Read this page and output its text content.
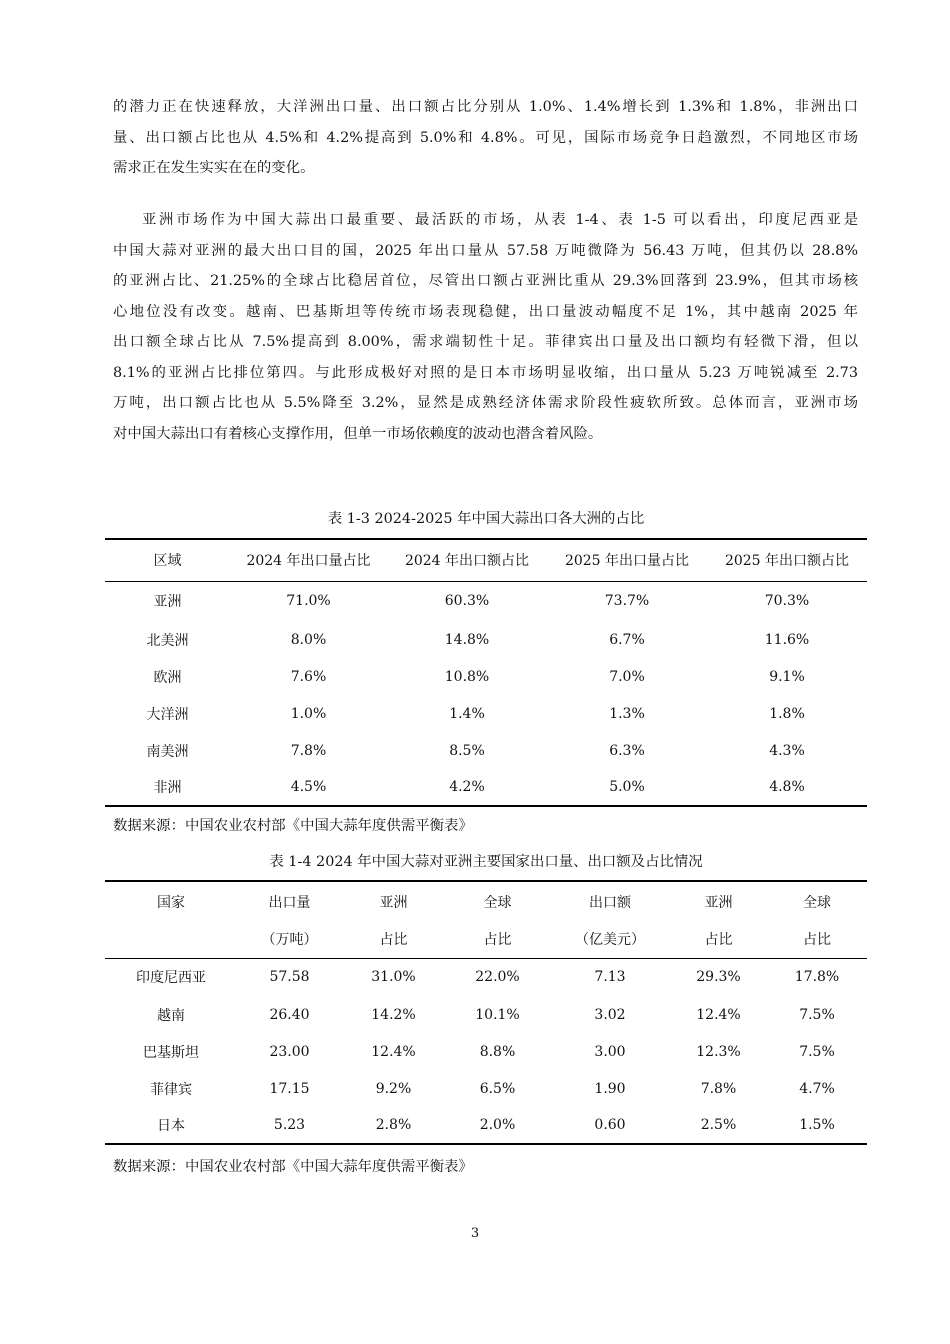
的潜力正在快速释放，大洋洲出口量、出口额占比分别从 1.0%、1.4%增长到 1.3%和 1.8%，非洲出口
量、出口额占比也从 4.5%和 4.2%提高到 5.0%和 4.8%。可见，国际市场竞争日趋激烈，不同地区市场
需求正在发生实实在在的变化。
亚洲市场作为中国大蒜出口最重要、最活跃的市场，从表 1-4、表 1-5 可以看出，印度尼西亚是
中国大蒜对亚洲的最大出口目的国，2025 年出口量从 57.58 万吨微降为 56.43 万吨，但其仍以 28.8%
的亚洲占比、21.25%的全球占比稳居首位，尽管出口额占亚洲比重从 29.3%回落到 23.9%，但其市场核
心地位没有改变。越南、巴基斯坦等传统市场表现稳健，出口量波动幅度不足 1%，其中越南 2025 年
出口额全球占比从 7.5%提高到 8.00%，需求端韧性十足。菲律宾出口量及出口额均有轻微下滑，但以
8.1%的亚洲占比排位第四。与此形成极好对照的是日本市场明显收缩，出口量从 5.23 万吨锐减至 2.73
万吨，出口额占比也从 5.5%降至 3.2%，显然是成熟经济体需求阶段性疲软所致。总体而言，亚洲市场
对中国大蒜出口有着核心支撑作用，但单一市场依赖度的波动也潜含着风险。
表 1-3 2024-2025 年中国大蒜出口各大洲的占比
区域	2024 年出口量占比	2024 年出口额占比	2025 年出口量占比	2025 年出口额占比
亚洲	71.0%	60.3%	73.7%	70.3%
北美洲	8.0%	14.8%	6.7%	11.6%
欧洲	7.6%	10.8%	7.0%	9.1%
大洋洲	1.0%	1.4%	1.3%	1.8%
南美洲	7.8%	8.5%	6.3%	4.3%
非洲	4.5%	4.2%	5.0%	4.8%
数据来源：中国农业农村部《中国大蒜年度供需平衡表》
表 1-4 2024 年中国大蒜对亚洲主要国家出口量、出口额及占比情况
国家	出口量	亚洲	全球	出口额	亚洲	全球
	（万吨）	占比	占比	（亿美元）	占比	占比
印度尼西亚	57.58	31.0%	22.0%	7.13	29.3%	17.8%
越南	26.40	14.2%	10.1%	3.02	12.4%	7.5%
巴基斯坦	23.00	12.4%	8.8%	3.00	12.3%	7.5%
菲律宾	17.15	9.2%	6.5%	1.90	7.8%	4.7%
日本	5.23	2.8%	2.0%	0.60	2.5%	1.5%
数据来源：中国农业农村部《中国大蒜年度供需平衡表》
3
